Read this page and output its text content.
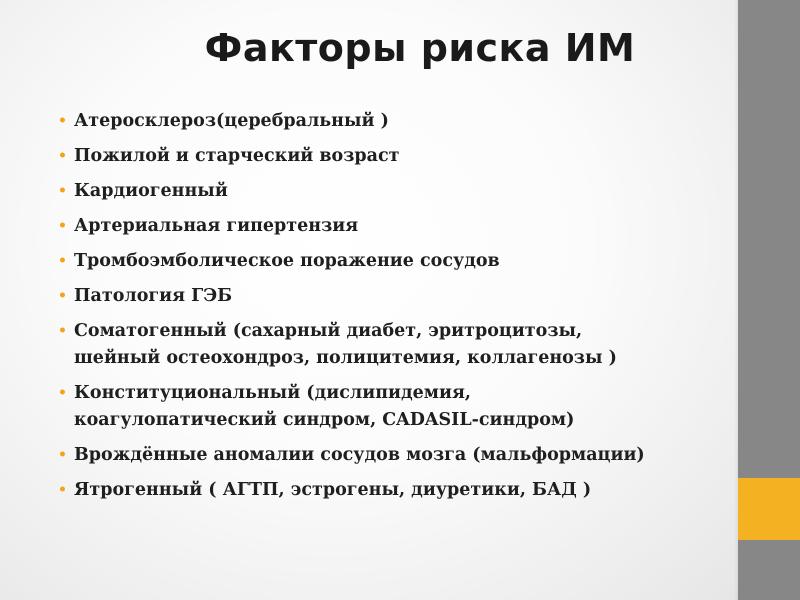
Факторы риска ИМ
• Атеросклероз(церебральный )
• Пожилой и старческий возраст
• Кардиогенный
• Артериальная гипертензия
• Тромбоэмболическое поражение сосудов
• Патология ГЭБ
• Соматогенный (сахарный диабет, эритроцитозы,
шейный остеохондроз, полицитемия, коллагенозы )
• Конституциональный (дислипидемия,
коагулопатический синдром, CADASIL-синдром)
• Врождённые аномалии сосудов мозга (мальформации)
• Ятрогенный ( АГТП, эстрогены, диуретики, БАД )
